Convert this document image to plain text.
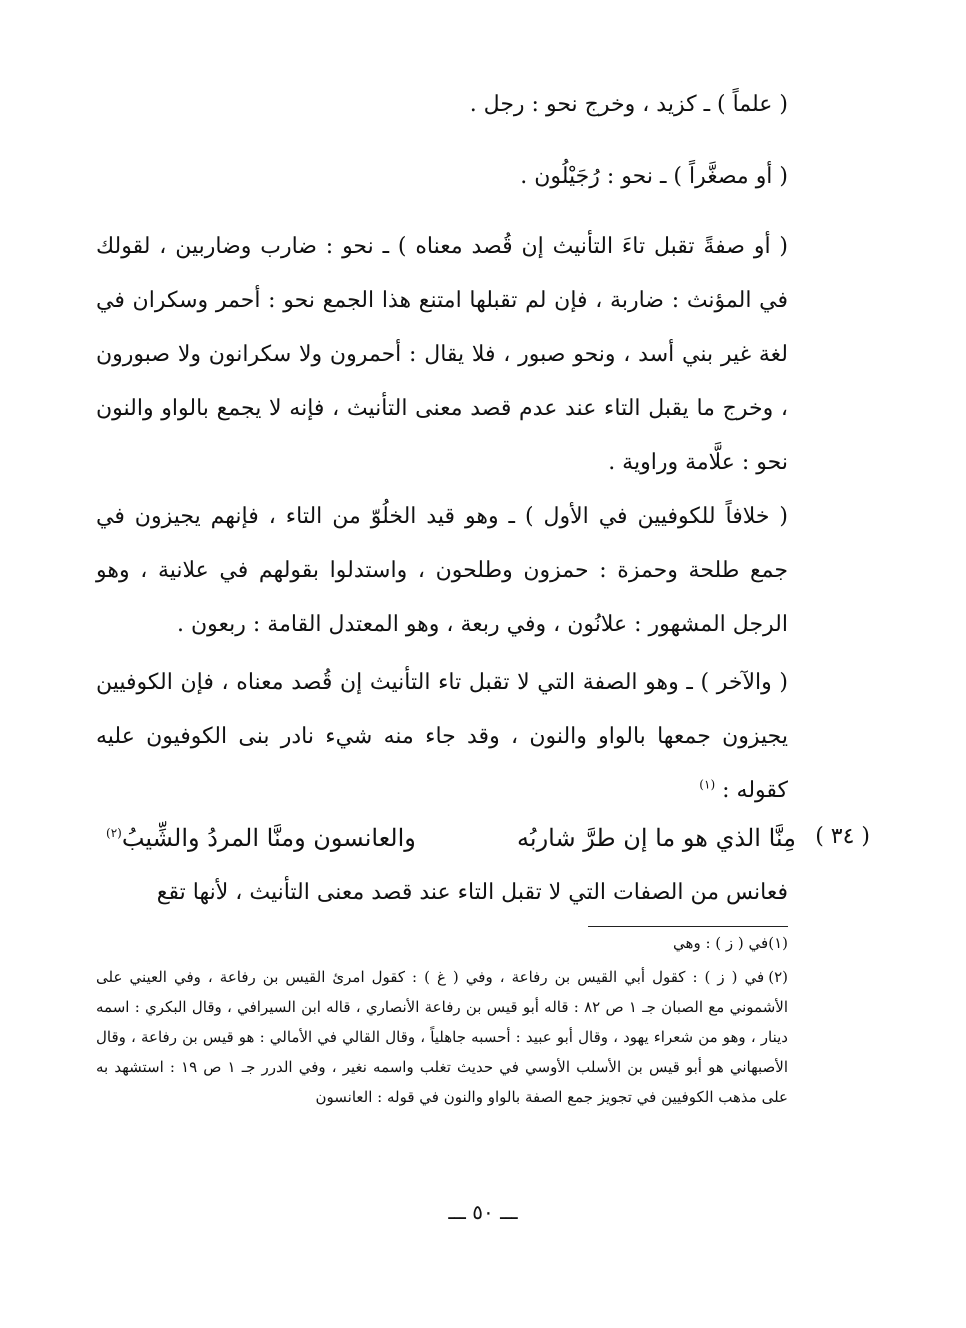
( علماً ) ـ كزيد ، وخرج نحو : رجل .

( أو مصغَّراً ) ـ نحو : رُجَيْلُون .

( أو صفةً تقبل تاءَ التأنيث إن قُصد معناه ) ـ نحو : ضارب وضاربين ، لقولك في المؤنث : ضاربة ، فإن لم تقبلها امتنع هذا الجمع نحو : أحمر وسكران في لغة غير بني أسد ، ونحو صبور ، فلا يقال : أحمرون ولا سكرانون ولا صبورون ، وخرج ما يقبل التاء عند عدم قصد معنى التأنيث ، فإنه لا يجمع بالواو والنون نحو : علَّامة وراوية .

( خلافاً للكوفيين في الأول ) ـ وهو قيد الخلُوّ من التاء ، فإنهم يجيزون في جمع طلحة وحمزة : حمزون وطلحون ، واستدلوا بقولهم في علانية ، وهو الرجل المشهور : علانُون ، وفي ربعة ، وهو المعتدل القامة : ربعون .

( والآخر ) ـ وهو الصفة التي لا تقبل تاء التأنيث إن قُصد معناه ، فإن الكوفيين يجيزون جمعها بالواو والنون ، وقد جاء منه شيء نادر بنى الكوفيون عليه كقوله : $^{(١)}$

( ٣٤ )
مِنَّا الذي هو ما إن طرَّ شاربُه
والعانسون ومنَّا المردُ والشِّيبُ$^{(٢)}$

فعانس من الصفات التي لا تقبل التاء عند قصد معنى التأنيث ، لأنها تقع

(١)في ( ز ) : وهي

(٢)
في ( ز ) : كقول أبي القيس بن رفاعة ، وفي ( غ ) : كقول امرئ القيس بن رفاعة ، وفي العيني على الأشموني مع الصبان جـ ١ ص ٨٢ : قاله أبو قيس بن رفاعة الأنصاري ، قاله ابن السيرافي ، وقال البكري : اسمه دينار ، وهو من شعراء يهود ، وقال أبو عبيد : أحسبه جاهلياً ، وقال القالي في الأمالي : هو قيس بن رفاعة ، وقال الأصبهاني هو أبو قيس بن الأسلب الأوسي في حديث تغلب واسمه نغير ، وفي الدرر جـ ١ ص ١٩ : استشهد به على مذهب الكوفيين في تجويز جمع الصفة بالواو والنون في قوله : العانسون

ـــ ٥٠ ـــ
